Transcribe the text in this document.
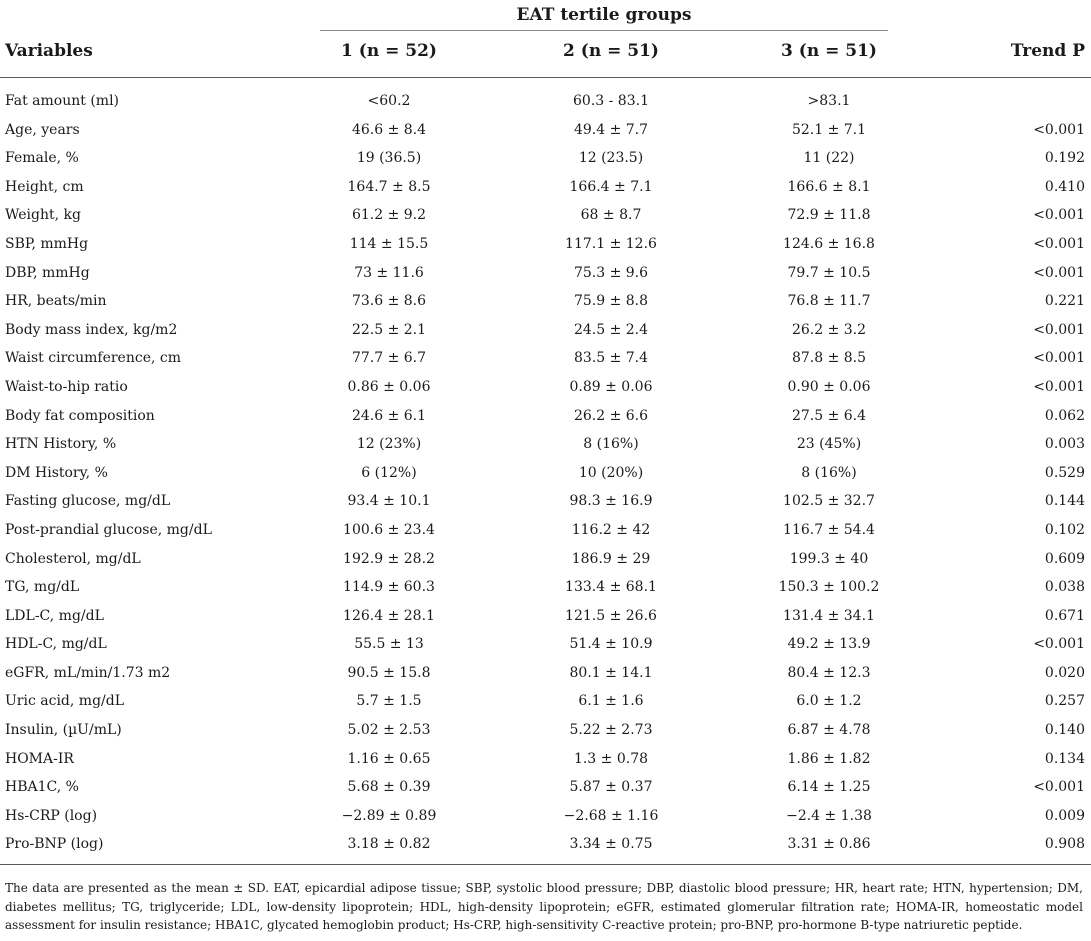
EAT tertile groups
Variables	1 (n = 52)	2 (n = 51)	3 (n = 51)	Trend P
Fat amount (ml)	<60.2	60.3 - 83.1	>83.1
Age, years	46.6 ± 8.4	49.4 ± 7.7	52.1 ± 7.1	<0.001
Female, %	19 (36.5)	12 (23.5)	11 (22)	0.192
Height, cm	164.7 ± 8.5	166.4 ± 7.1	166.6 ± 8.1	0.410
Weight, kg	61.2 ± 9.2	68 ± 8.7	72.9 ± 11.8	<0.001
SBP, mmHg	114 ± 15.5	117.1 ± 12.6	124.6 ± 16.8	<0.001
DBP, mmHg	73 ± 11.6	75.3 ± 9.6	79.7 ± 10.5	<0.001
HR, beats/min	73.6 ± 8.6	75.9 ± 8.8	76.8 ± 11.7	0.221
Body mass index, kg/m2	22.5 ± 2.1	24.5 ± 2.4	26.2 ± 3.2	<0.001
Waist circumference, cm	77.7 ± 6.7	83.5 ± 7.4	87.8 ± 8.5	<0.001
Waist-to-hip ratio	0.86 ± 0.06	0.89 ± 0.06	0.90 ± 0.06	<0.001
Body fat composition	24.6 ± 6.1	26.2 ± 6.6	27.5 ± 6.4	0.062
HTN History, %	12 (23%)	8 (16%)	23 (45%)	0.003
DM History, %	6 (12%)	10 (20%)	8 (16%)	0.529
Fasting glucose, mg/dL	93.4 ± 10.1	98.3 ± 16.9	102.5 ± 32.7	0.144
Post-prandial glucose, mg/dL	100.6 ± 23.4	116.2 ± 42	116.7 ± 54.4	0.102
Cholesterol, mg/dL	192.9 ± 28.2	186.9 ± 29	199.3 ± 40	0.609
TG, mg/dL	114.9 ± 60.3	133.4 ± 68.1	150.3 ± 100.2	0.038
LDL-C, mg/dL	126.4 ± 28.1	121.5 ± 26.6	131.4 ± 34.1	0.671
HDL-C, mg/dL	55.5 ± 13	51.4 ± 10.9	49.2 ± 13.9	<0.001
eGFR, mL/min/1.73 m2	90.5 ± 15.8	80.1 ± 14.1	80.4 ± 12.3	0.020
Uric acid, mg/dL	5.7 ± 1.5	6.1 ± 1.6	6.0 ± 1.2	0.257
Insulin, (µU/mL)	5.02 ± 2.53	5.22 ± 2.73	6.87 ± 4.78	0.140
HOMA-IR	1.16 ± 0.65	1.3 ± 0.78	1.86 ± 1.82	0.134
HBA1C, %	5.68 ± 0.39	5.87 ± 0.37	6.14 ± 1.25	<0.001
Hs-CRP (log)	−2.89 ± 0.89	−2.68 ± 1.16	−2.4 ± 1.38	0.009
Pro-BNP (log)	3.18 ± 0.82	3.34 ± 0.75	3.31 ± 0.86	0.908
The data are presented as the mean ± SD. EAT, epicardial adipose tissue; SBP, systolic blood pressure; DBP, diastolic blood pressure; HR, heart rate; HTN, hypertension; DM, diabetes mellitus; TG, triglyceride; LDL, low-density lipoprotein; HDL, high-density lipoprotein; eGFR, estimated glomerular filtration rate; HOMA-IR, homeostatic model assessment for insulin resistance; HBA1C, glycated hemoglobin product; Hs-CRP, high-sensitivity C-reactive protein; pro-BNP, pro-hormone B-type natriuretic peptide.
